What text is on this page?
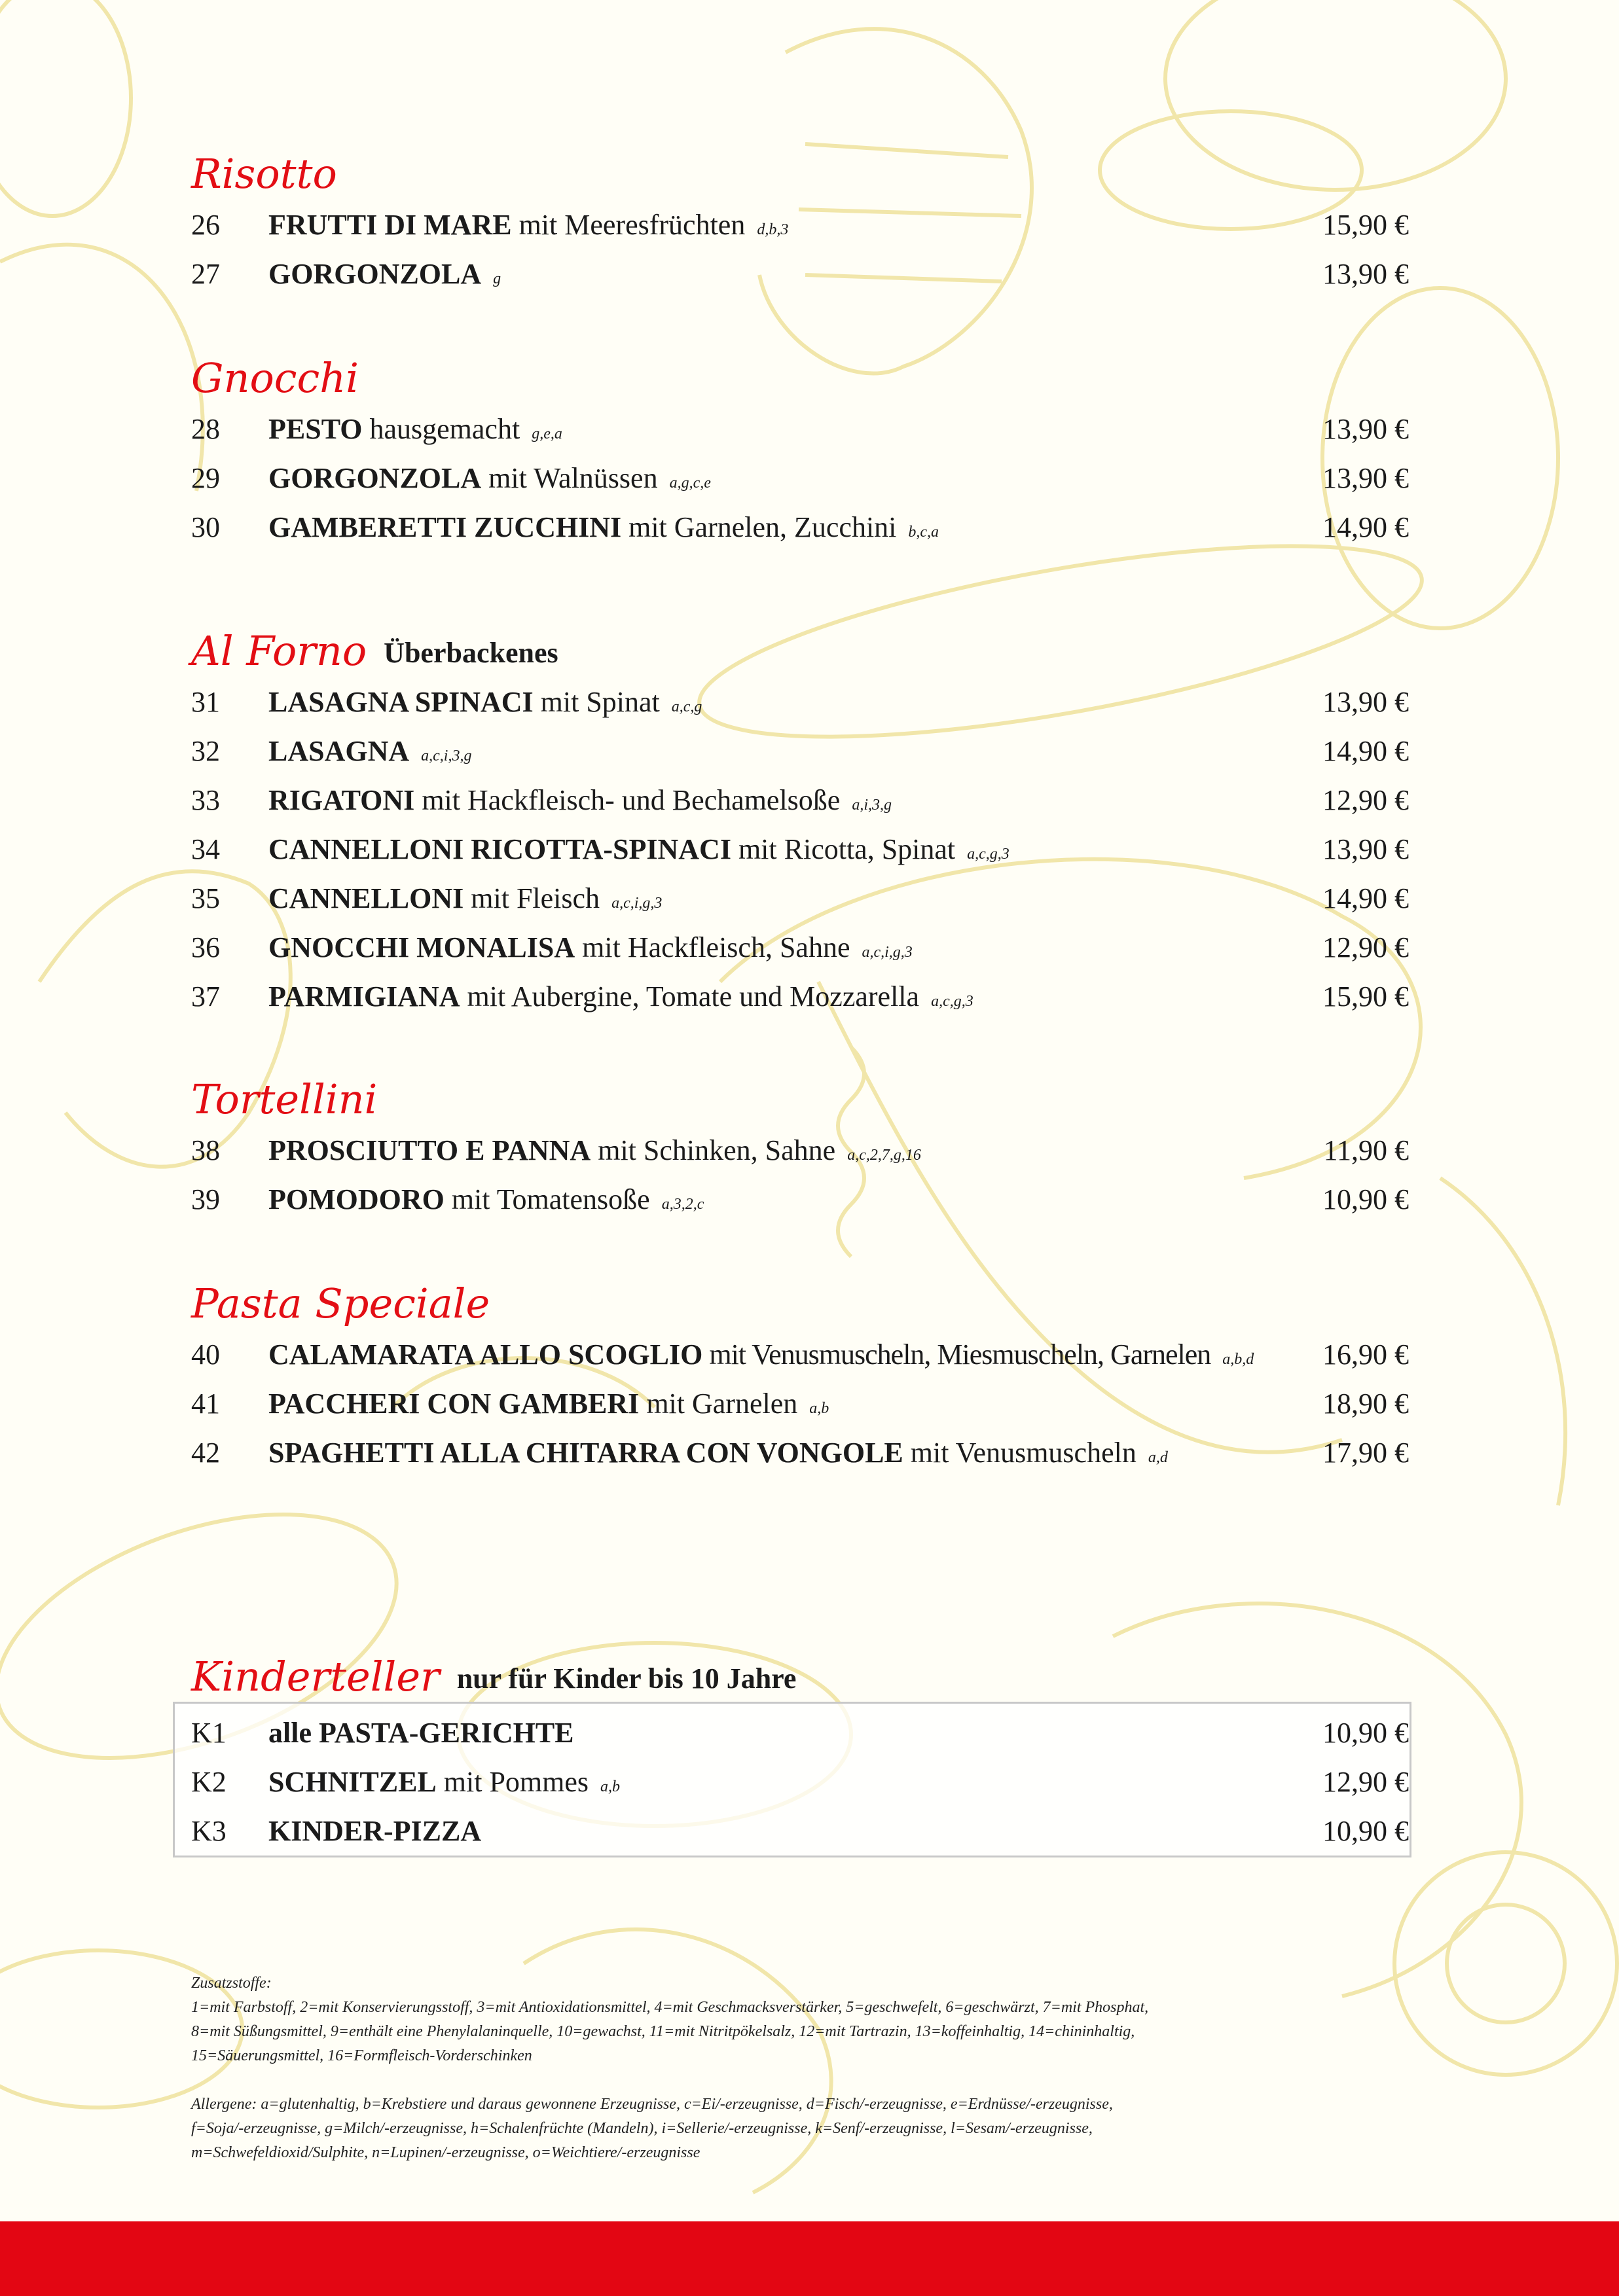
Risotto
26	FRUTTI DI MARE mit Meeresfrüchten d,b,3	15,90 €
27	GORGONZOLA g	13,90 €
Gnocchi
28	PESTO hausgemacht g,e,a	13,90 €
29	GORGONZOLA mit Walnüssen a,g,c,e	13,90 €
30	GAMBERETTI ZUCCHINI mit Garnelen, Zucchini b,c,a	14,90 €
Al Forno Überbackenes
31	LASAGNA SPINACI mit Spinat a,c,g	13,90 €
32	LASAGNA a,c,i,3,g	14,90 €
33	RIGATONI mit Hackfleisch- und Bechamelsoße a,i,3,g	12,90 €
34	CANNELLONI RICOTTA-SPINACI mit Ricotta, Spinat a,c,g,3	13,90 €
35	CANNELLONI mit Fleisch a,c,i,g,3	14,90 €
36	GNOCCHI MONALISA mit Hackfleisch, Sahne a,c,i,g,3	12,90 €
37	PARMIGIANA mit Aubergine, Tomate und Mozzarella a,c,g,3	15,90 €
Tortellini
38	PROSCIUTTO E PANNA mit Schinken, Sahne a,c,2,7,g,16	11,90 €
39	POMODORO mit Tomatensoße a,3,2,c	10,90 €
Pasta Speciale
40	CALAMARATA ALLO SCOGLIO mit Venusmuscheln, Miesmuscheln, Garnelen a,b,d 16,90 €
41	PACCHERI CON GAMBERI mit Garnelen a,b	18,90 €
42	SPAGHETTI ALLA CHITARRA CON VONGOLE mit Venusmuscheln a,d	17,90 €
Kinderteller nur für Kinder bis 10 Jahre
K1	alle PASTA-GERICHTE	10,90 €
K2	SCHNITZEL mit Pommes a,b	12,90 €
K3	KINDER-PIZZA	10,90 €

Zusatzstoffe:

1=mit Farbstoff, 2=mit Konservierungsstoff, 3=mit Antioxidationsmittel, 4=mit Geschmacksverstärker, 5=geschwefelt, 6=geschwärzt, 7=mit Phosphat,

8=mit Süßungsmittel, 9=enthält eine Phenylalaninquelle, 10=gewachst, 11=mit Nitritpökelsalz, 12=mit Tartrazin, 13=koffeinhaltig, 14=chininhaltig,

15=Säuerungsmittel, 16=Formfleisch-Vorderschinken

Allergene: a=glutenhaltig, b=Krebstiere und daraus gewonnene Erzeugnisse, c=Ei/-erzeugnisse, d=Fisch/-erzeugnisse, e=Erdnüsse/-erzeugnisse,

f=Soja/-erzeugnisse, g=Milch/-erzeugnisse, h=Schalenfrüchte (Mandeln), i=Sellerie/-erzeugnisse, k=Senf/-erzeugnisse, l=Sesam/-erzeugnisse,

m=Schwefeldioxid/Sulphite, n=Lupinen/-erzeugnisse, o=Weichtiere/-erzeugnisse
